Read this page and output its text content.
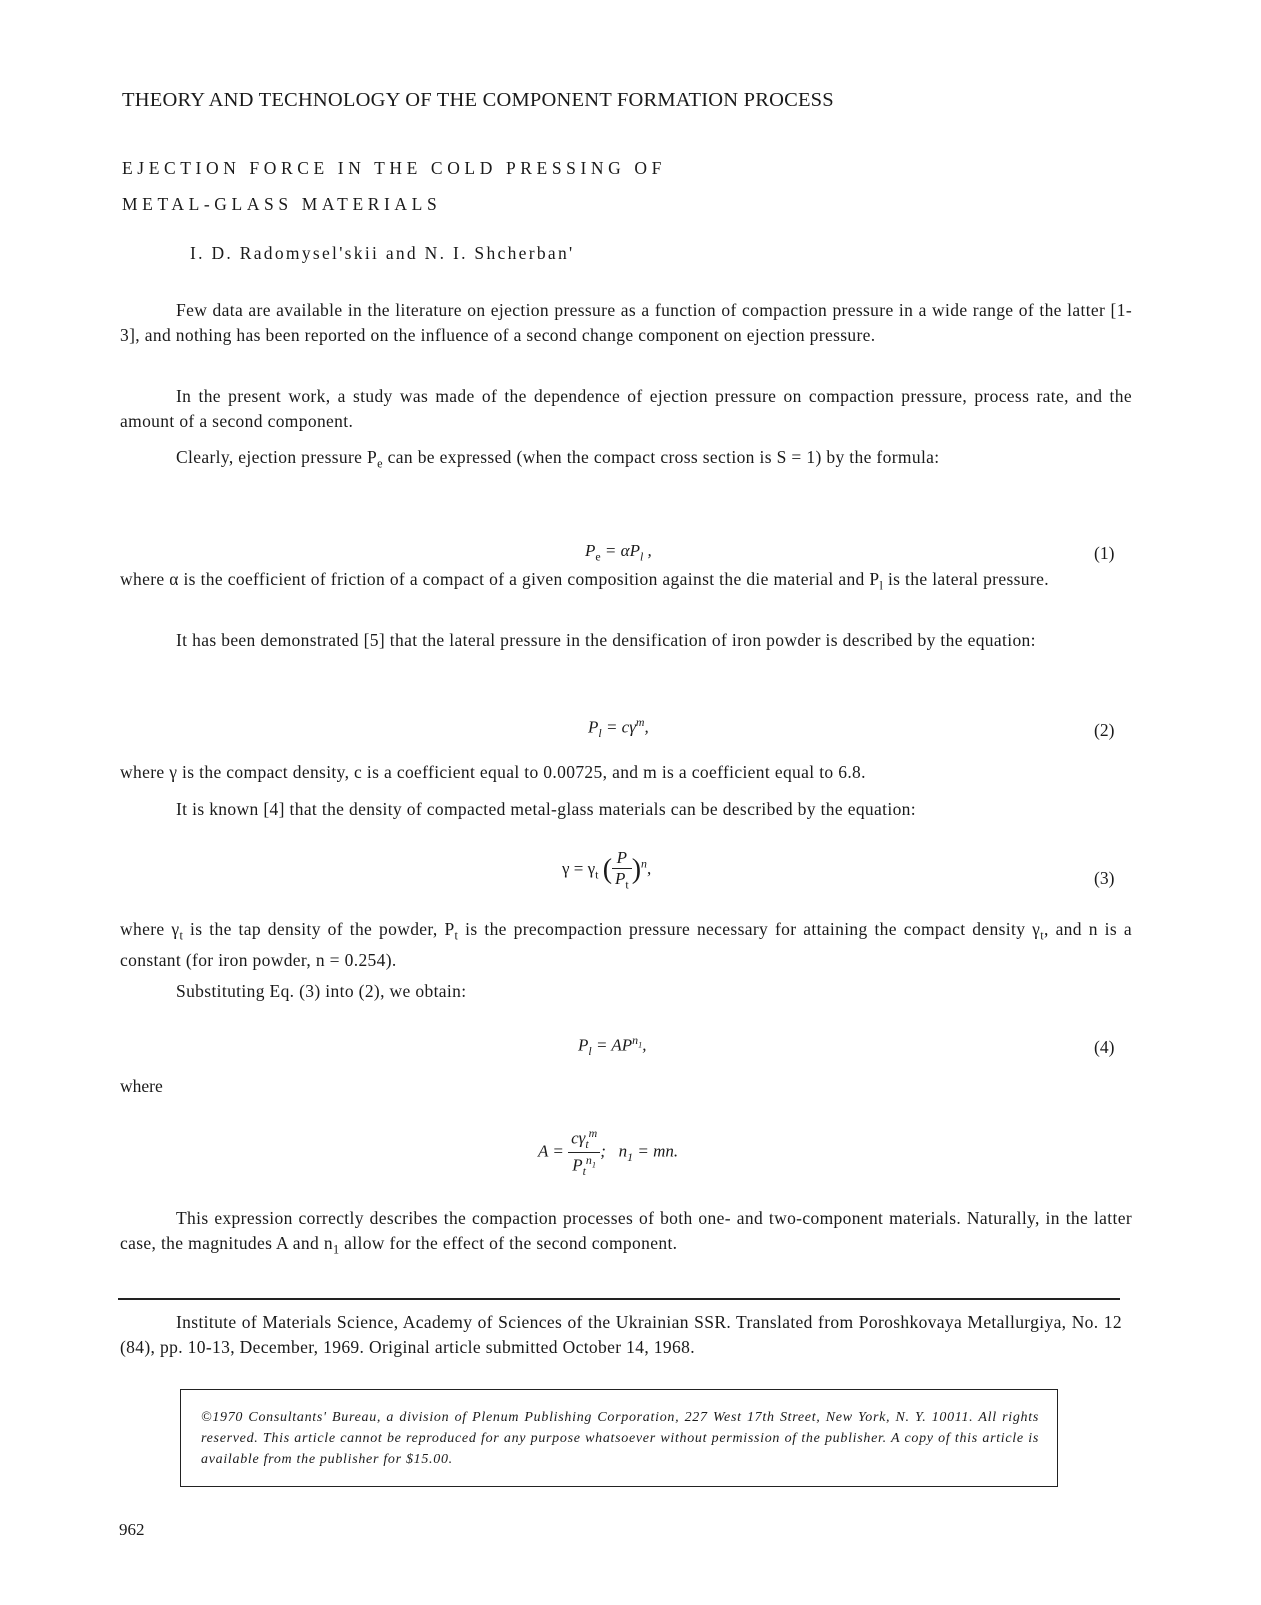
THEORY AND TECHNOLOGY OF THE COMPONENT FORMATION PROCESS
EJECTION FORCE IN THE COLD PRESSING OF
METAL-GLASS MATERIALS
I. D. Radomysel'skii and N. I. Shcherban'

Few data are available in the literature on ejection pressure as a function of compaction pressure in a wide range of the latter [1-3], and nothing has been reported on the influence of a second change component on ejection pressure.

In the present work, a study was made of the dependence of ejection pressure on compaction pressure, process rate, and the amount of a second component.

Clearly, ejection pressure $P_e$ can be expressed (when the compact cross section is S = 1) by the formula:

$P_e = \alpha P_l$ ,	(1)

where α is the coefficient of friction of a compact of a given composition against the die material and $P_l$ is the lateral pressure.

It has been demonstrated [5] that the lateral pressure in the densification of iron powder is described by the equation:

$P_l = c\gamma^m$,	(2)

where γ is the compact density, c is a coefficient equal to 0.00725, and m is a coefficient equal to 6.8.

It is known [4] that the density of compacted metal-glass materials can be described by the equation:

$\gamma = \gamma_t$ ( $\frac{P}{P_t} )^n$,	(3)

where $\gamma_t$ is the tap density of the powder, $P_t$ is the precompaction pressure necessary for attaining the compact density $\gamma_t$, and n is a constant (for iron powder, n = 0.254).

Substituting Eq. (3) into (2), we obtain:

$P_l = AP^{n_1}$,	(4)
where
$A = \frac{c\gamma_t^m}{P_t^{n_1}}$ ;   $n_1$ = mn.

This expression correctly describes the compaction processes of both one- and two-component materials. Naturally, in the latter case, the magnitudes A and $n_1$ allow for the effect of the second component.

Institute of Materials Science, Academy of Sciences of the Ukrainian SSR. Translated from Poroshkovaya Metallurgiya, No. 12 (84), pp. 10-13, December, 1969. Original article submitted October 14, 1968.

©1970 Consultants' Bureau, a division of Plenum Publishing Corporation, 227 West 17th Street, New York, N. Y. 10011. All rights reserved. This article cannot be reproduced for any purpose whatsoever without permission of the publisher. A copy of this article is available from the publisher for $15.00.
962
